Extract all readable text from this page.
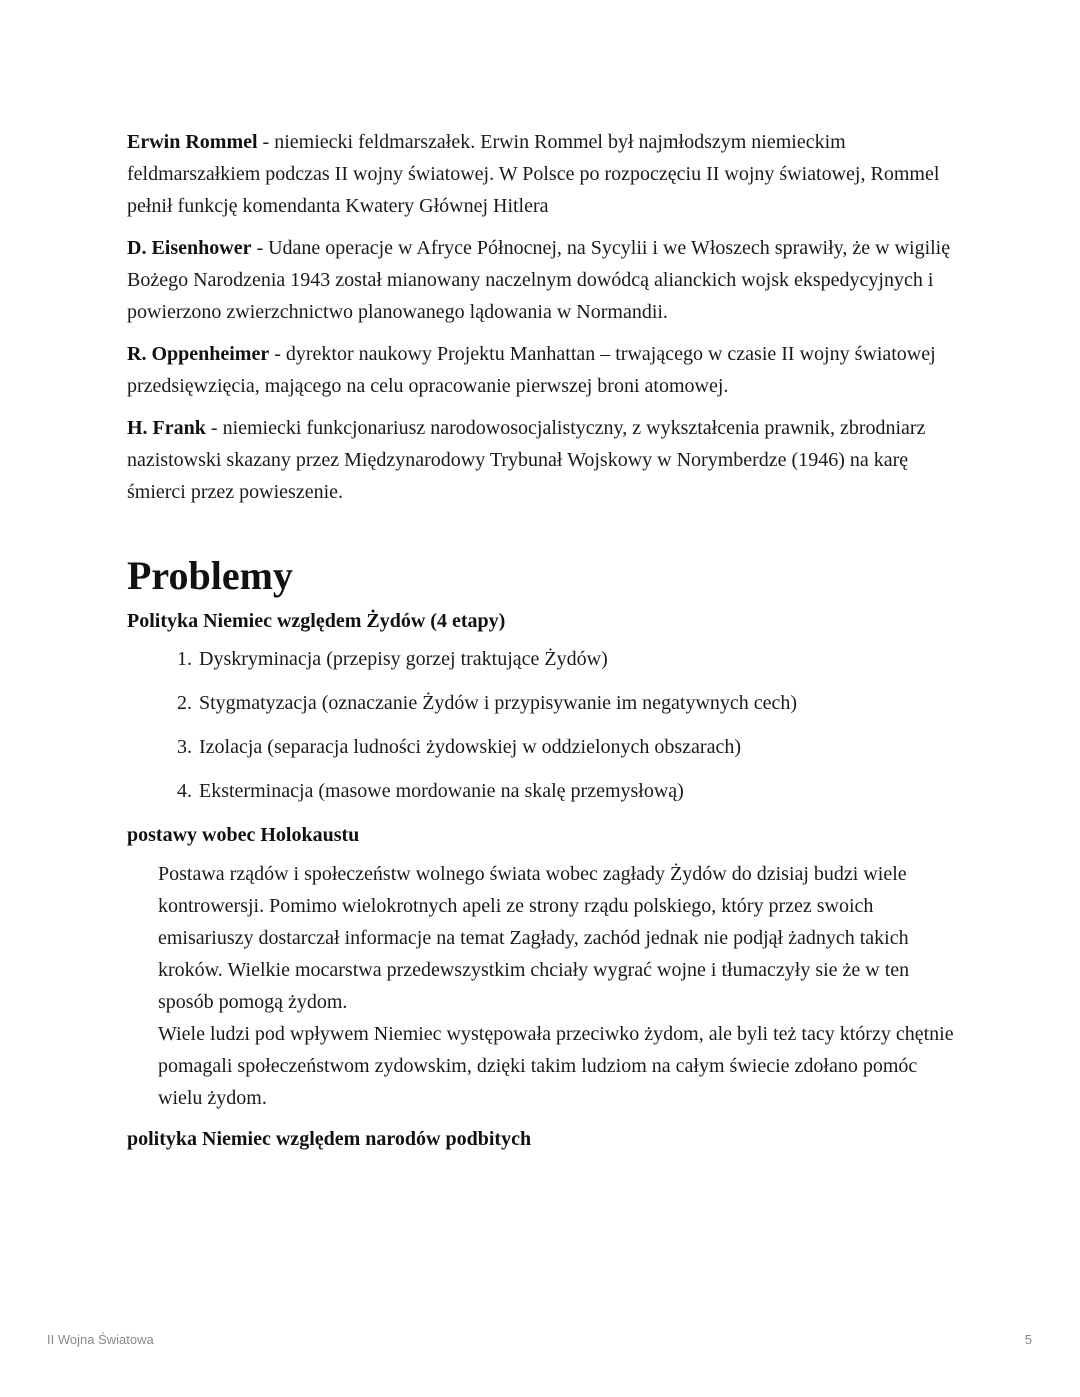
Erwin Rommel - niemiecki feldmarszałek. Erwin Rommel był najmłodszym niemieckim feldmarszałkiem podczas II wojny światowej. W Polsce po rozpoczęciu II wojny światowej, Rommel pełnił funkcję komendanta Kwatery Głównej Hitlera

D. Eisenhower - Udane operacje w Afryce Północnej, na Sycylii i we Włoszech sprawiły, że w wigilię Bożego Narodzenia 1943 został mianowany naczelnym dowódcą alianckich wojsk ekspedycyjnych i powierzono zwierzchnictwo planowanego lądowania w Normandii.

R. Oppenheimer - dyrektor naukowy Projektu Manhattan – trwającego w czasie II wojny światowej przedsięwzięcia, mającego na celu opracowanie pierwszej broni atomowej.

H. Frank - niemiecki funkcjonariusz narodowosocjalistyczny, z wykształcenia prawnik, zbrodniarz nazistowski skazany przez Międzynarodowy Trybunał Wojskowy w Norymberdze (1946) na karę śmierci przez powieszenie.

Problemy
Polityka Niemiec względem Żydów (4 etapy)
1. Dyskryminacja (przepisy gorzej traktujące Żydów)
2. Stygmatyzacja (oznaczanie Żydów i przypisywanie im negatywnych cech)
3. Izolacja (separacja ludności żydowskiej w oddzielonych obszarach)
4. Eksterminacja (masowe mordowanie na skalę przemysłową)
postawy wobec Holokaustu

Postawa rządów i społeczeństw wolnego świata wobec zagłady Żydów do dzisiaj budzi wiele kontrowersji. Pomimo wielokrotnych apeli ze strony rządu polskiego, który przez swoich emisariuszy dostarczał informacje na temat Zagłady, zachód jednak nie podjął żadnych takich kroków. Wielkie mocarstwa przedewszystkim chciały wygrać wojne i tłumaczyły sie że w ten sposób pomogą żydom.

Wiele ludzi pod wpływem Niemiec występowała przeciwko żydom, ale byli też tacy którzy chętnie pomagali społeczeństwom zydowskim, dzięki takim ludziom na całym świecie zdołano pomóc wielu żydom.

polityka Niemiec względem narodów podbitych
II Wojna Światowa	5
